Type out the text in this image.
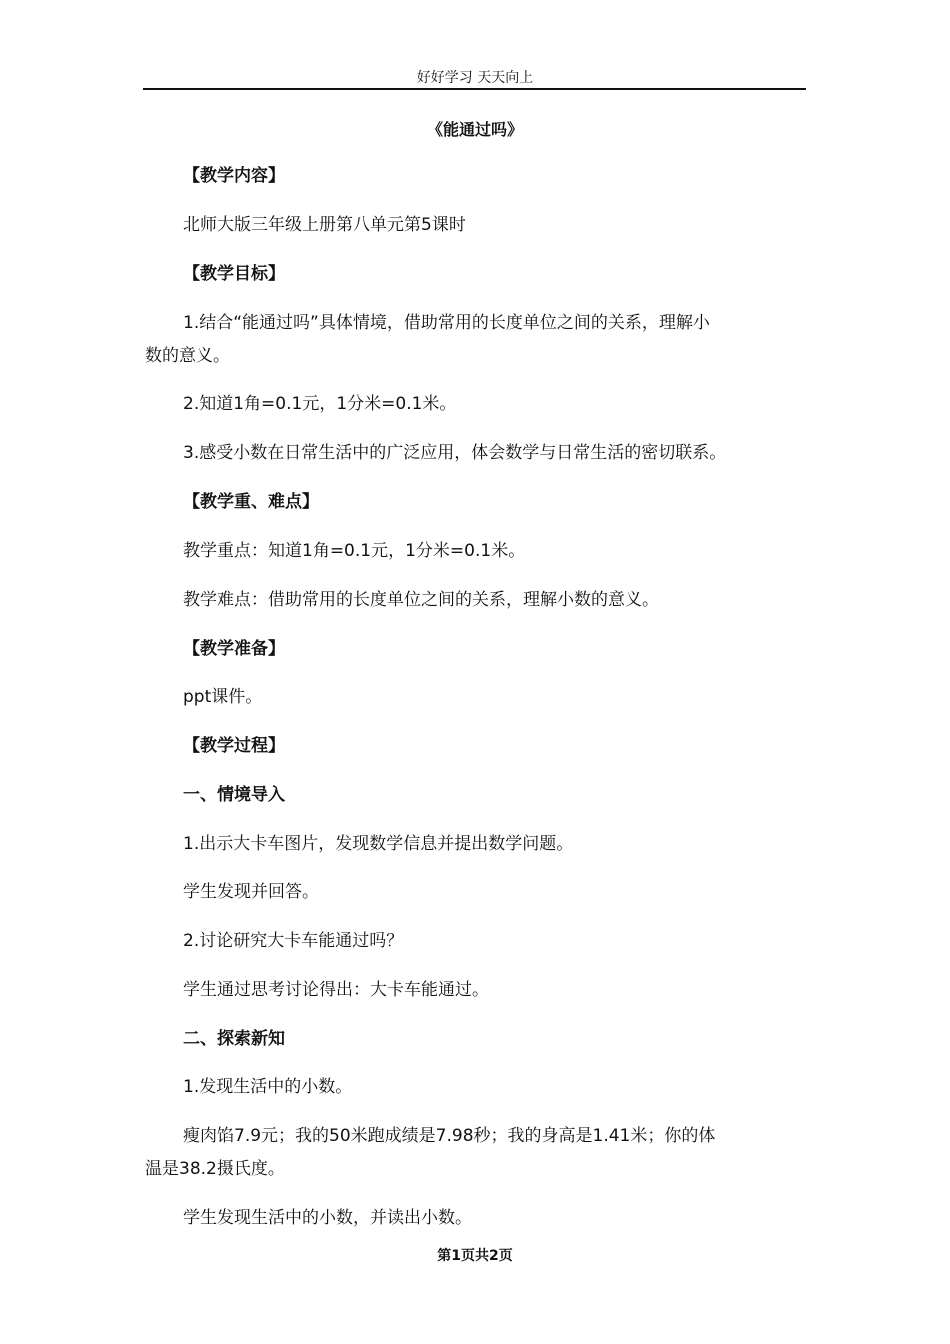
好好学习 天天向上
《能通过吗》
【教学内容】
北师大版三年级上册第八单元第5课时
【教学目标】
1.结合“能通过吗”具体情境，借助常用的长度单位之间的关系，理解小
数的意义。
2.知道1角=0.1元，1分米=0.1米。
3.感受小数在日常生活中的广泛应用，体会数学与日常生活的密切联系。
【教学重、难点】
教学重点：知道1角=0.1元，1分米=0.1米。
教学难点：借助常用的长度单位之间的关系，理解小数的意义。
【教学准备】
ppt课件。
【教学过程】
一、情境导入
1.出示大卡车图片，发现数学信息并提出数学问题。
学生发现并回答。
2.讨论研究大卡车能通过吗？
学生通过思考讨论得出：大卡车能通过。
二、探索新知
1.发现生活中的小数。
瘦肉馅7.9元；我的50米跑成绩是7.98秒；我的身高是1.41米；你的体
温是38.2摄氏度。
学生发现生活中的小数，并读出小数。
第1页共2页
